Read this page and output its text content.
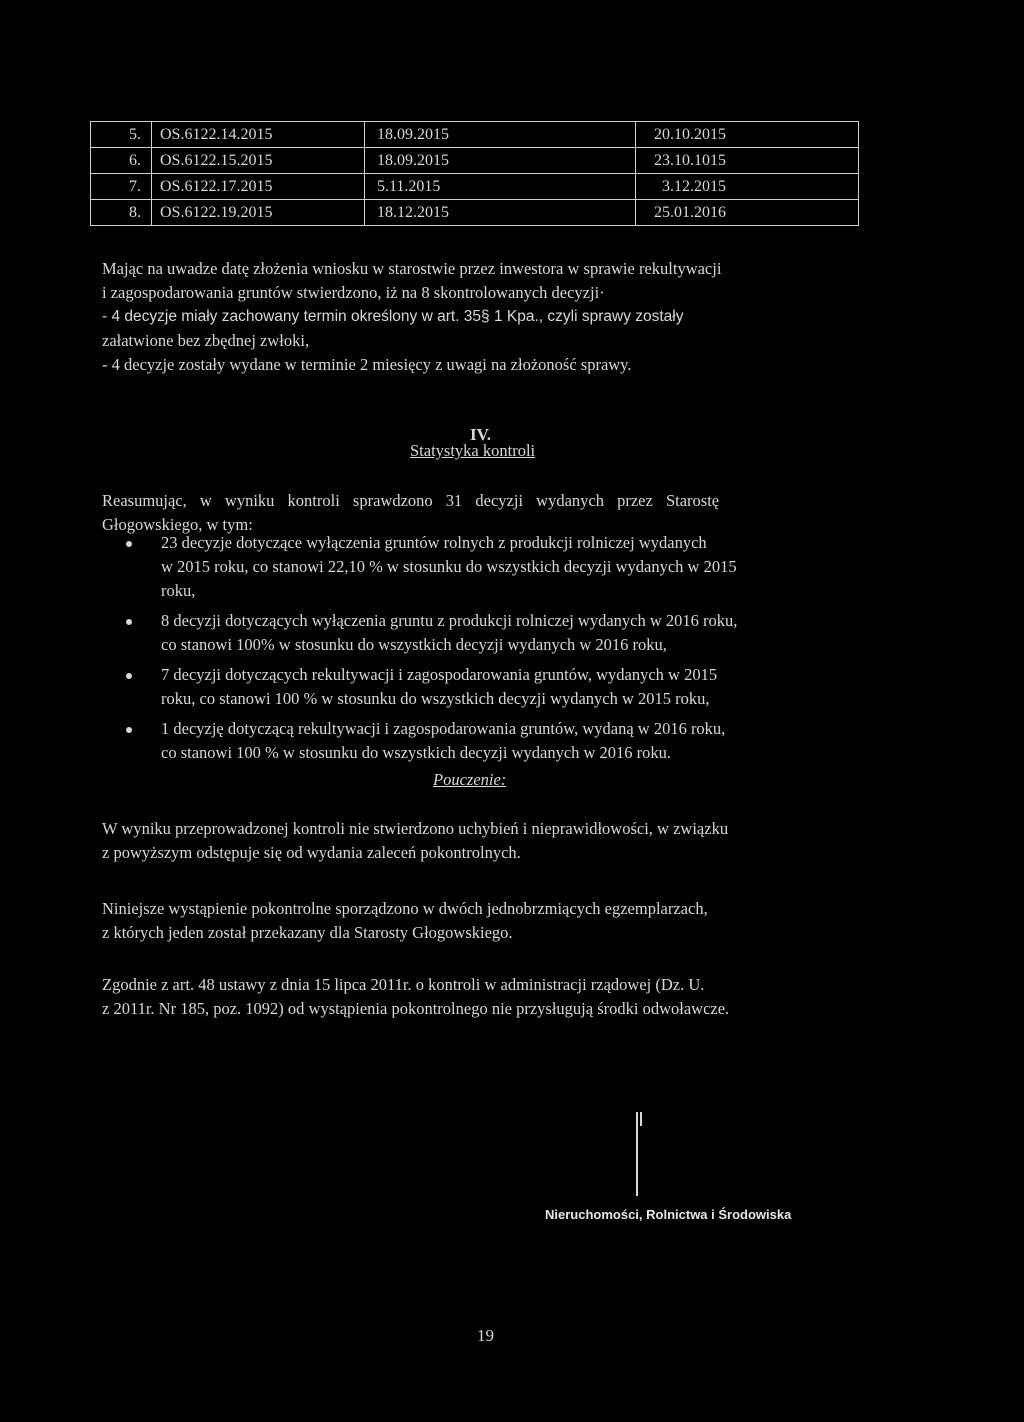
5.	OS.6122.14.2015	18.09.2015	20.10.2015
6.	OS.6122.15.2015	18.09.2015	23.10.1015
7.	OS.6122.17.2015	5.11.2015	3.12.2015
8.	OS.6122.19.2015	18.12.2015	25.01.2016
Mając na uwadze datę złożenia wniosku w starostwie przez inwestora w sprawie rekultywacji
i zagospodarowania gruntów stwierdzono, iż na 8 skontrolowanych decyzji·
- 4 decyzje miały zachowany termin określony w art. 35§ 1 Kpa., czyli sprawy zostały
załatwione bez zbędnej zwłoki,
- 4 decyzje zostały wydane w terminie 2 miesięcy z uwagi na złożoność sprawy.
IV.
Statystyka kontroli
Reasumując, w wyniku kontroli sprawdzono 31 decyzji wydanych przez Starostę
Głogowskiego, w tym:
23 decyzje dotyczące wyłączenia gruntów rolnych z produkcji rolniczej wydanych
w 2015 roku, co stanowi 22,10 % w stosunku do wszystkich decyzji wydanych w 2015
roku,
8 decyzji dotyczących wyłączenia gruntu z produkcji rolniczej wydanych w 2016 roku,
co stanowi 100% w stosunku do wszystkich decyzji wydanych w 2016 roku,
7 decyzji dotyczących rekultywacji i zagospodarowania gruntów, wydanych w 2015
roku, co stanowi 100 % w stosunku do wszystkich decyzji wydanych w 2015 roku,
1 decyzję dotyczącą rekultywacji i zagospodarowania gruntów, wydaną w 2016 roku,
co stanowi 100 % w stosunku do wszystkich decyzji wydanych w 2016 roku.
Pouczenie:
W wyniku przeprowadzonej kontroli nie stwierdzono uchybień i nieprawidłowości, w związku
z powyższym odstępuje się od wydania zaleceń pokontrolnych.
Niniejsze wystąpienie pokontrolne sporządzono w dwóch jednobrzmiących egzemplarzach,
z których jeden został przekazany dla Starosty Głogowskiego.
Zgodnie z art. 48 ustawy z dnia 15 lipca 2011r. o kontroli w administracji rządowej (Dz. U.
z 2011r. Nr 185, poz. 1092) od wystąpienia pokontrolnego nie przysługują środki odwoławcze.
Nieruchomości, Rolnictwa i Środowiska
19
